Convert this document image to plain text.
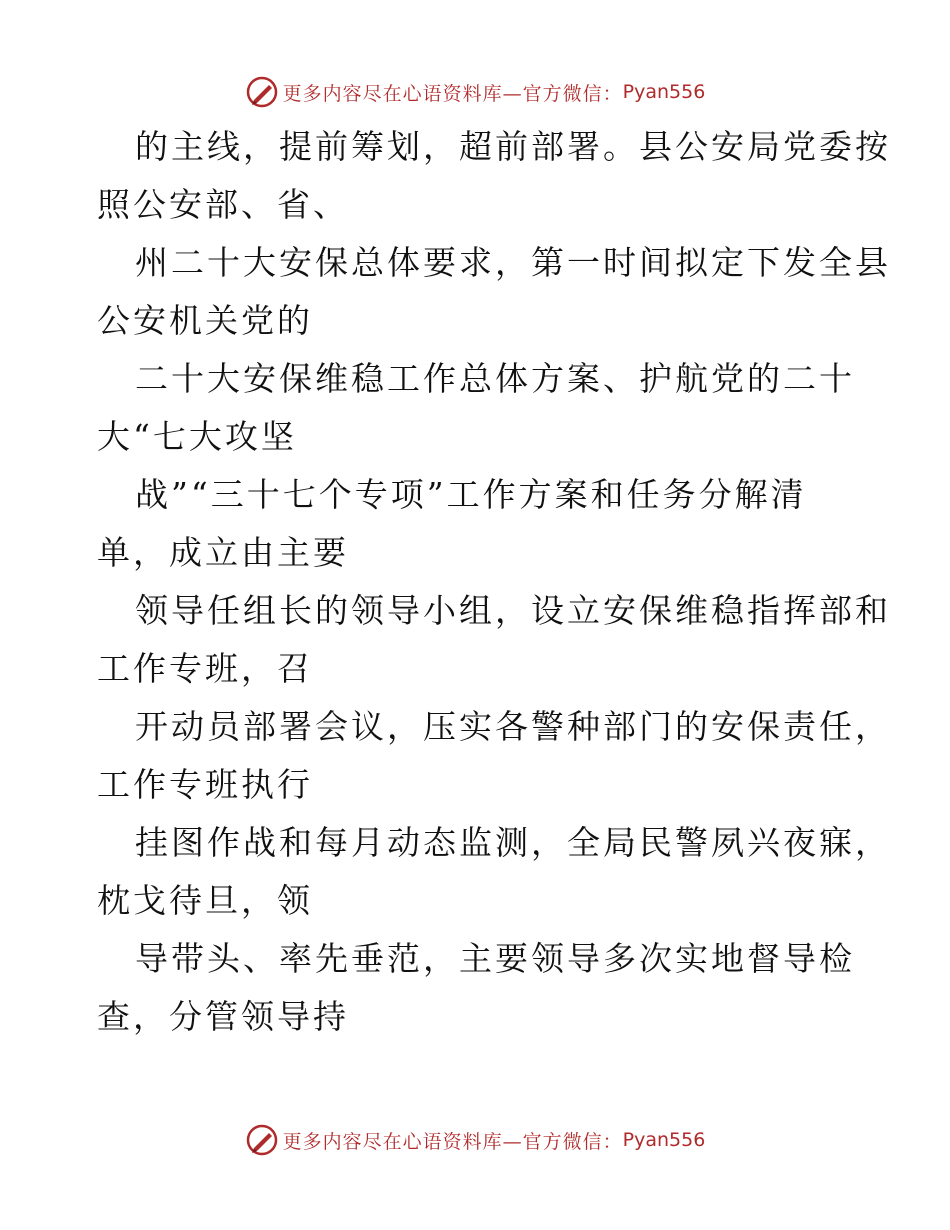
更多内容尽在心语资料库—官方微信： Pyan556
的主线，提前筹划，超前部署。县公安局党委按
照公安部、省、
州二十大安保总体要求，第一时间拟定下发全县
公安机关党的
二十大安保维稳工作总体方案、护航党的二十
大“七大攻坚
战”“三十七个专项”工作方案和任务分解清
单，成立由主要
领导任组长的领导小组，设立安保维稳指挥部和
工作专班，召
开动员部署会议，压实各警种部门的安保责任，
工作专班执行
挂图作战和每月动态监测，全局民警夙兴夜寐，
枕戈待旦，领
导带头、率先垂范，主要领导多次实地督导检
查，分管领导持
更多内容尽在心语资料库—官方微信： Pyan556
